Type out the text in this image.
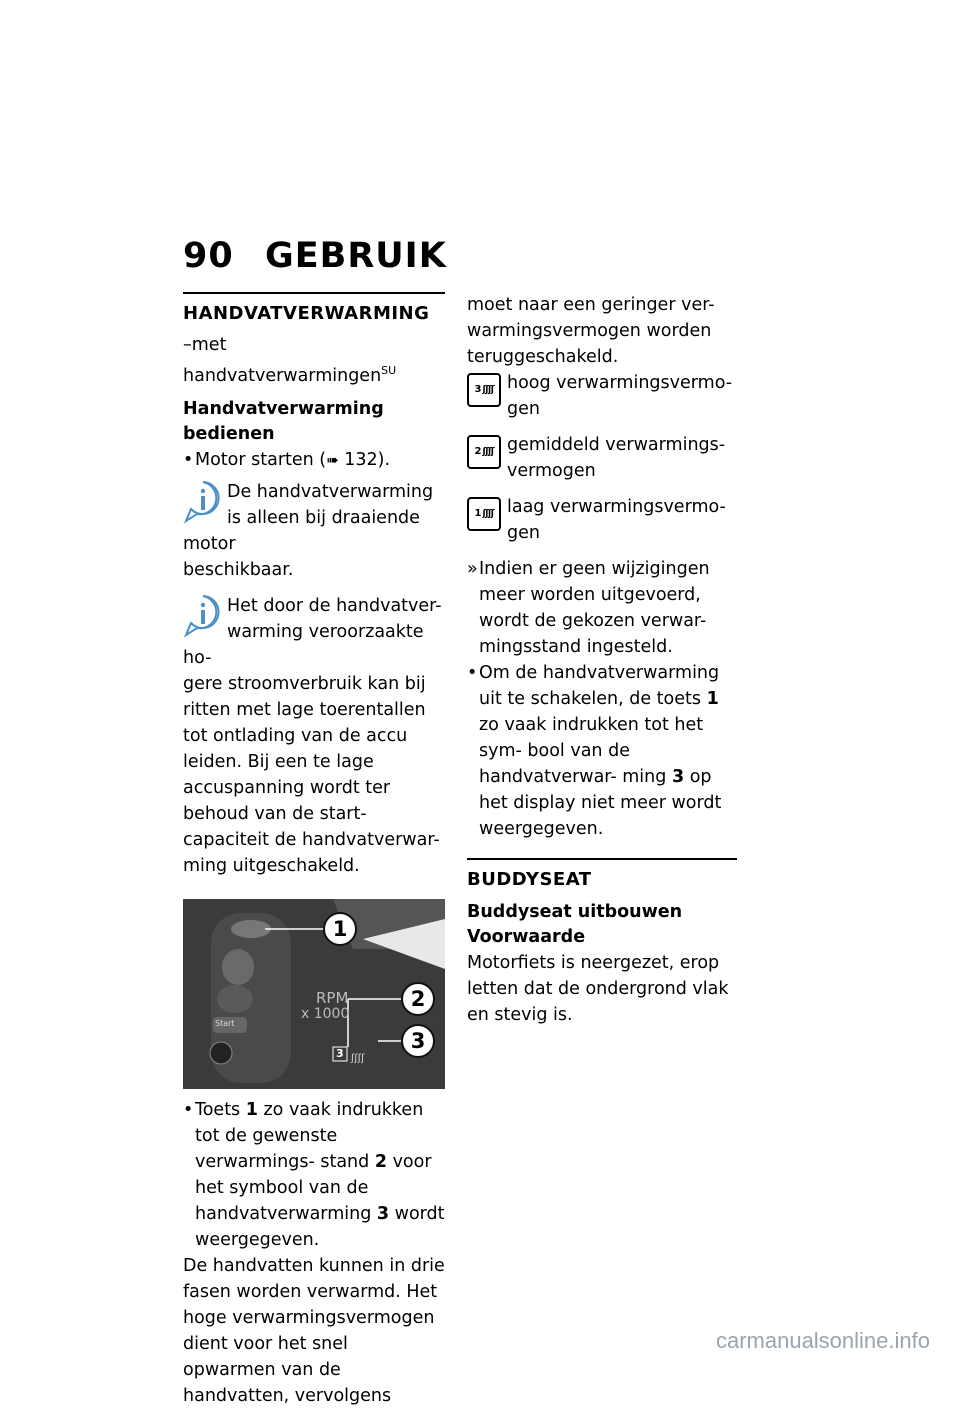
90 GEBRUIK
HANDVATVERWARMING
–met handvatverwarmingen$^{SU}$
Handvatverwarming bedienen
• Motor starten (➠ 132).
De handvatverwarming is alleen bij draaiende motor
beschikbaar.
Het door de handvatver- warming veroorzaakte ho-
gere stroomverbruik kan bij ritten met lage toerentallen tot ontlading van de accu leiden. Bij een te lage accuspanning wordt ter behoud van de start- capaciteit de handvatverwar- ming uitgeschakeld.
ʃʃʃʃ
RPM
x 1000
3
Start
1
2
3
• Toets 1 zo vaak indrukken tot de gewenste verwarmings- stand 2 voor het symbool van de handvatverwarming 3 wordt weergegeven.
De handvatten kunnen in drie fasen worden verwarmd. Het hoge verwarmingsvermogen dient voor het snel opwarmen van de handvatten, vervolgens
moet naar een geringer ver- warmingsvermogen worden teruggeschakeld.
3 ʃʃʃʃ hoog verwarmingsvermo- gen
2 ʃʃʃʃ gemiddeld verwarmings- vermogen
1 ʃʃʃʃ laag verwarmingsvermo- gen
» Indien er geen wijzigingen meer worden uitgevoerd, wordt de gekozen verwar- mingsstand ingesteld.
• Om de handvatverwarming uit te schakelen, de toets 1 zo vaak indrukken tot het sym- bool van de handvatverwar- ming 3 op het display niet meer wordt weergegeven.
BUDDYSEAT
Buddyseat uitbouwen
Voorwaarde
Motorfiets is neergezet, erop letten dat de ondergrond vlak en stevig is.
carmanualsonline.info
